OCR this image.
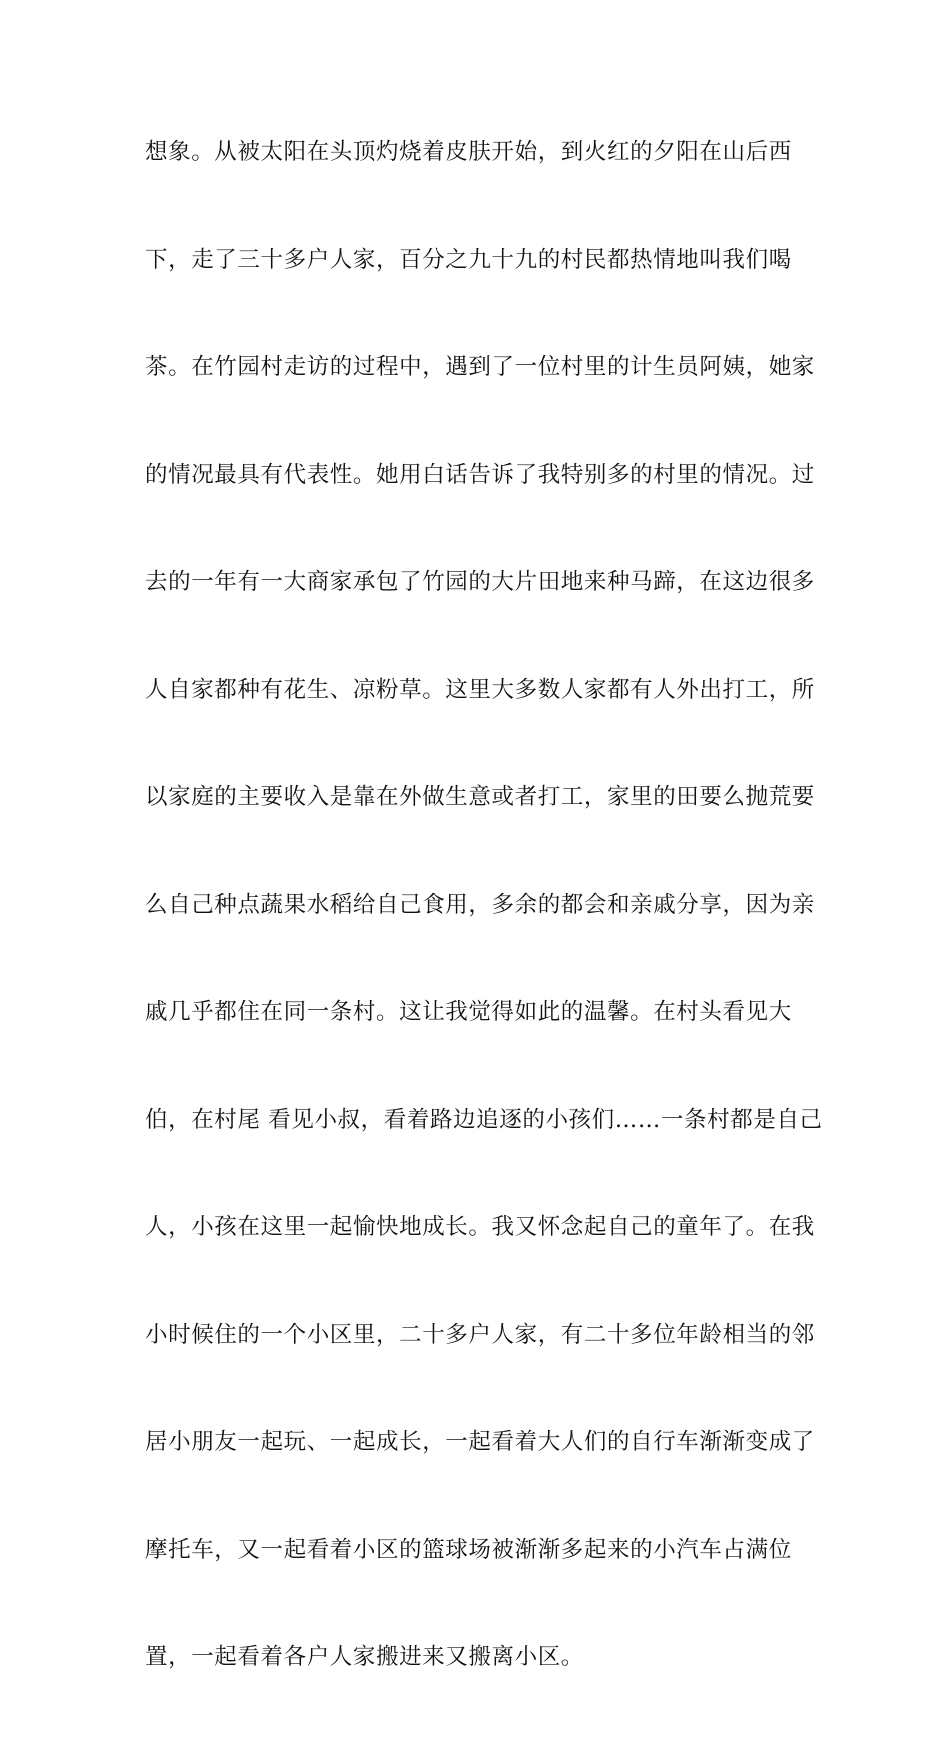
想象。从被太阳在头顶灼烧着皮肤开始，到火红的夕阳在山后西
下，走了三十多户人家，百分之九十九的村民都热情地叫我们喝
茶。在竹园村走访的过程中，遇到了一位村里的计生员阿姨，她家
的情况最具有代表性。她用白话告诉了我特别多的村里的情况。过
去的一年有一大商家承包了竹园的大片田地来种马蹄，在这边很多
人自家都种有花生、凉粉草。这里大多数人家都有人外出打工，所
以家庭的主要收入是靠在外做生意或者打工，家里的田要么抛荒要
么自己种点蔬果水稻给自己食用，多余的都会和亲戚分享，因为亲
戚几乎都住在同一条村。这让我觉得如此的温馨。在村头看见大
伯，在村尾 看见小叔，看着路边追逐的小孩们……一条村都是自己
人，小孩在这里一起愉快地成长。我又怀念起自己的童年了。在我
小时候住的一个小区里，二十多户人家，有二十多位年龄相当的邻
居小朋友一起玩、一起成长，一起看着大人们的自行车渐渐变成了
摩托车，又一起看着小区的篮球场被渐渐多起来的小汽车占满位
置，一起看着各户人家搬进来又搬离小区。
